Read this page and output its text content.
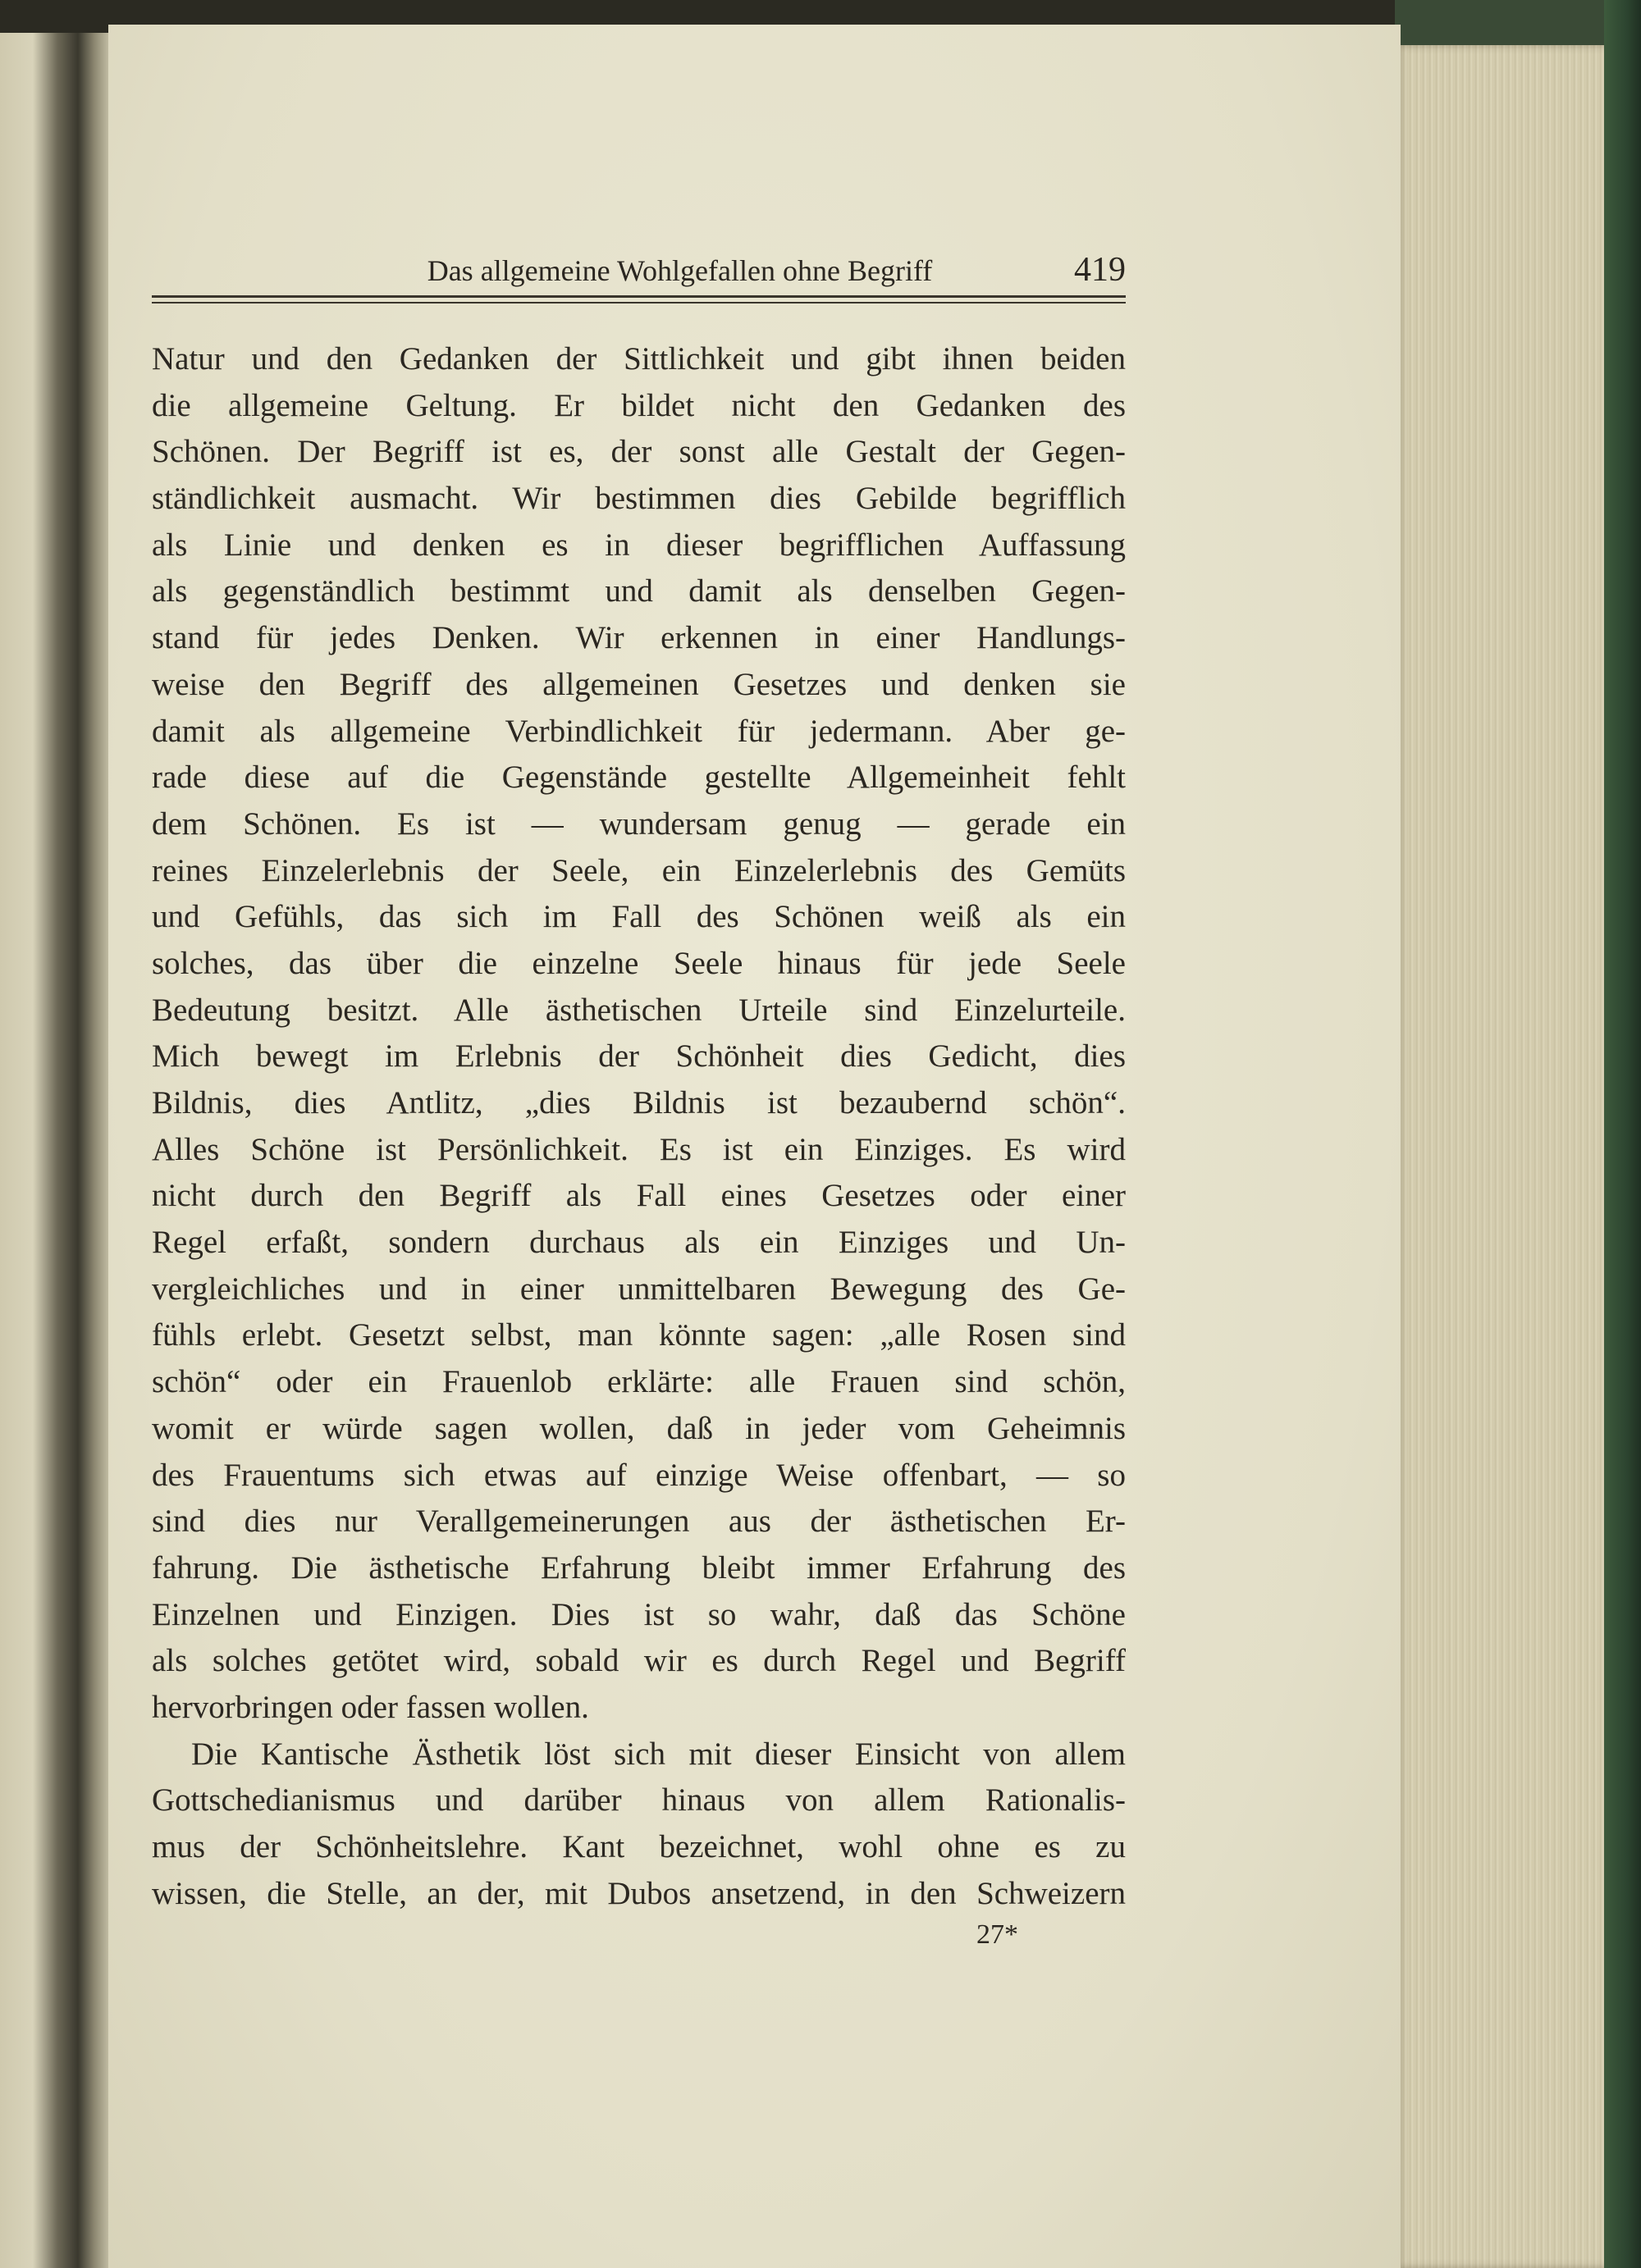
Das allgemeine Wohlgefallen ohne Begriff	419
Natur und den Gedanken der Sittlichkeit und gibt ihnen beiden
die allgemeine Geltung. Er bildet nicht den Gedanken des
Schönen. Der Begriff ist es, der sonst alle Gestalt der Gegen-
ständlichkeit ausmacht. Wir bestimmen dies Gebilde begrifflich
als Linie und denken es in dieser begrifflichen Auffassung
als gegenständlich bestimmt und damit als denselben Gegen-
stand für jedes Denken. Wir erkennen in einer Handlungs-
weise den Begriff des allgemeinen Gesetzes und denken sie
damit als allgemeine Verbindlichkeit für jedermann. Aber ge-
rade diese auf die Gegenstände gestellte Allgemeinheit fehlt
dem Schönen. Es ist — wundersam genug — gerade ein
reines Einzelerlebnis der Seele, ein Einzelerlebnis des Gemüts
und Gefühls, das sich im Fall des Schönen weiß als ein
solches, das über die einzelne Seele hinaus für jede Seele
Bedeutung besitzt. Alle ästhetischen Urteile sind Einzelurteile.
Mich bewegt im Erlebnis der Schönheit dies Gedicht, dies
Bildnis, dies Antlitz, „dies Bildnis ist bezaubernd schön“.
Alles Schöne ist Persönlichkeit. Es ist ein Einziges. Es wird
nicht durch den Begriff als Fall eines Gesetzes oder einer
Regel erfaßt, sondern durchaus als ein Einziges und Un-
vergleichliches und in einer unmittelbaren Bewegung des Ge-
fühls erlebt. Gesetzt selbst, man könnte sagen: „alle Rosen sind
schön“ oder ein Frauenlob erklärte: alle Frauen sind schön,
womit er würde sagen wollen, daß in jeder vom Geheimnis
des Frauentums sich etwas auf einzige Weise offenbart, — so
sind dies nur Verallgemeinerungen aus der ästhetischen Er-
fahrung. Die ästhetische Erfahrung bleibt immer Erfahrung des
Einzelnen und Einzigen. Dies ist so wahr, daß das Schöne
als solches getötet wird, sobald wir es durch Regel und Begriff
hervorbringen oder fassen wollen.
Die Kantische Ästhetik löst sich mit dieser Einsicht von allem
Gottschedianismus und darüber hinaus von allem Rationalis-
mus der Schönheitslehre. Kant bezeichnet, wohl ohne es zu
wissen, die Stelle, an der, mit Dubos ansetzend, in den Schweizern
27*
